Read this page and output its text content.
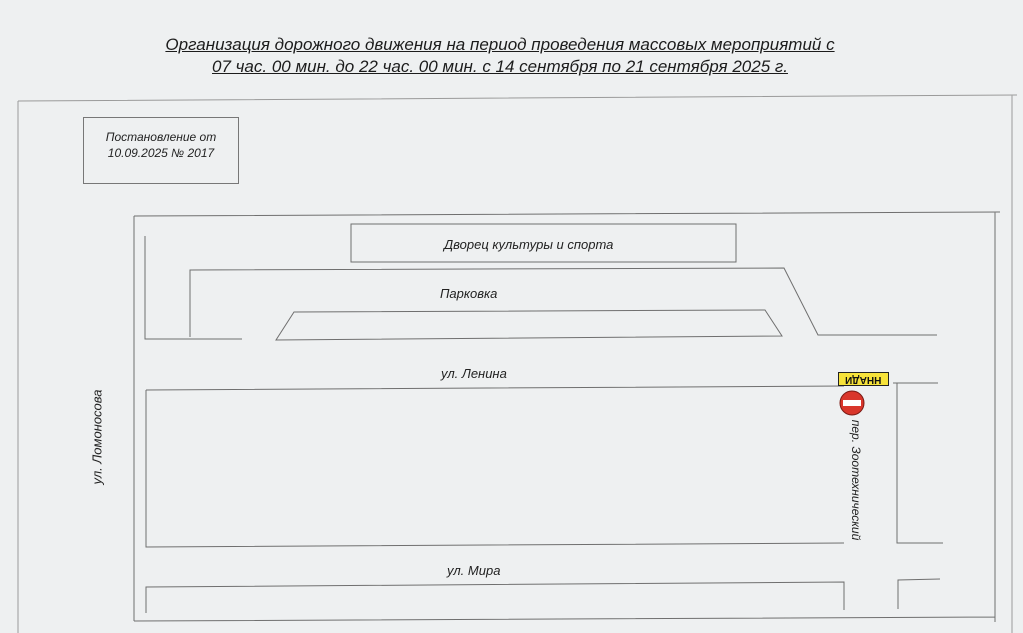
Организация дорожного движения на период проведения массовых мероприятий с
07 час. 00 мин. до 22 час. 00 мин. с 14 сентября по 21 сентября 2025 г.
Постановление от
10.09.2025 № 2017
Дворец культуры и спорта
Парковка
ул. Ленина
ул. Мира
ул. Ломоносова	пер. Зоотехнический
ННАДИ
